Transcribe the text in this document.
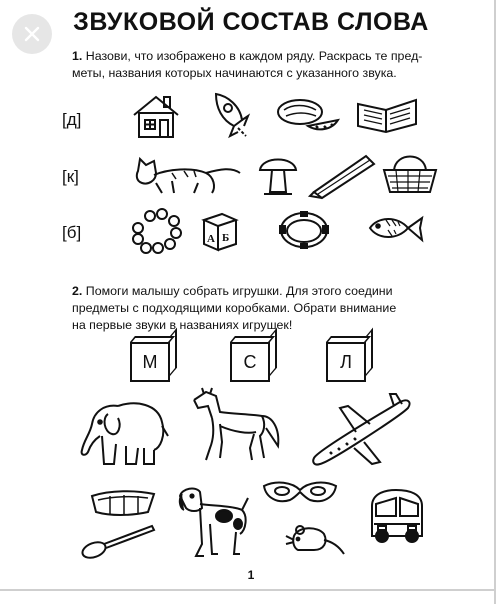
ЗВУКОВОЙ СОСТАВ СЛОВА
1. Назови, что изображено в каждом ряду. Раскрась те пред-
меты, названия которых начинаются с указанного звука.
[д]
[к]
[б]	А Б
2. Помоги малышу собрать игрушки. Для этого соедини
предметы с подходящими коробками. Обрати внимание
на первые звуки в названиях игрушек!
М	С	Л
1
